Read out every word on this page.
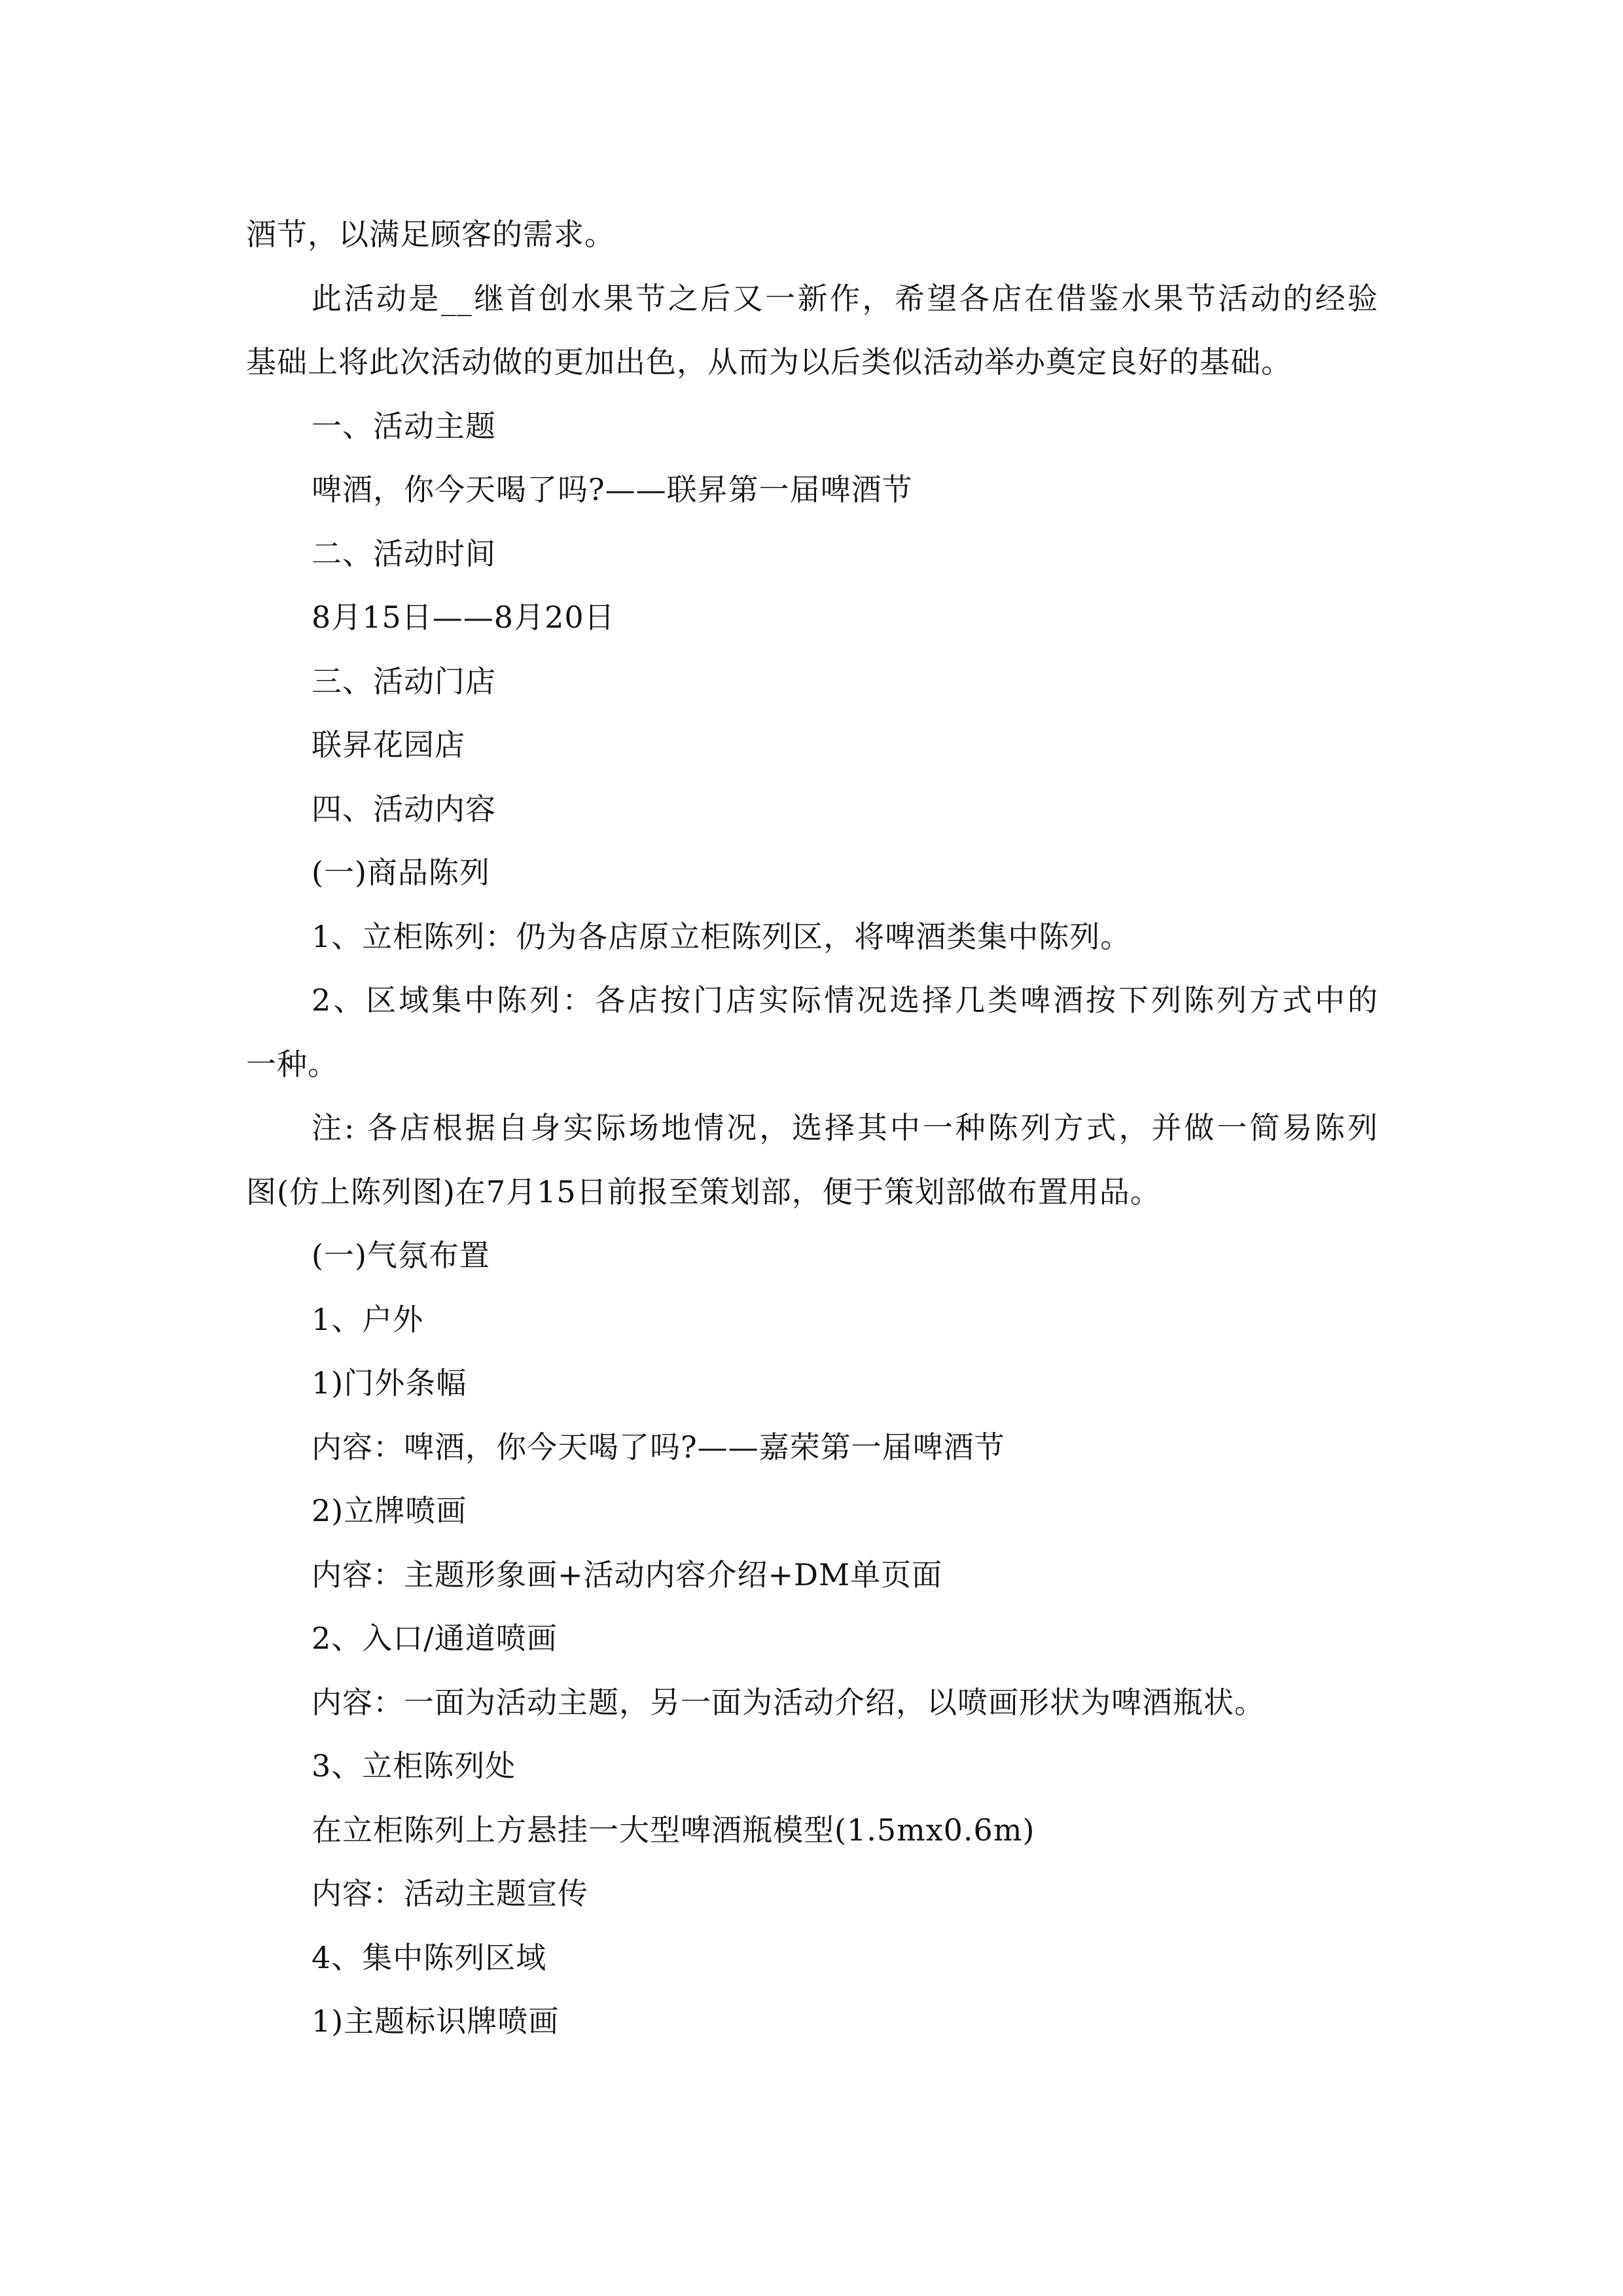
酒节，以满足顾客的需求。
此活动是__继首创水果节之后又一新作，希望各店在借鉴水果节活动的经验
基础上将此次活动做的更加出色，从而为以后类似活动举办奠定良好的基础。
一、活动主题
啤酒，你今天喝了吗?——联昇第一届啤酒节
二、活动时间
8月15日——8月20日
三、活动门店
联昇花园店
四、活动内容
(一)商品陈列
1、立柜陈列：仍为各店原立柜陈列区，将啤酒类集中陈列。
2、区域集中陈列：各店按门店实际情况选择几类啤酒按下列陈列方式中的
一种。
注: 各店根据自身实际场地情况，选择其中一种陈列方式，并做一简易陈列
图(仿上陈列图)在7月15日前报至策划部，便于策划部做布置用品。
(一)气氛布置
1、户外
1)门外条幅
内容：啤酒，你今天喝了吗?——嘉荣第一届啤酒节
2)立牌喷画
内容：主题形象画+活动内容介绍+DM单页面
2、入口/通道喷画
内容：一面为活动主题，另一面为活动介绍，以喷画形状为啤酒瓶状。
3、立柜陈列处
在立柜陈列上方悬挂一大型啤酒瓶模型(1.5mx0.6m)
内容：活动主题宣传
4、集中陈列区域
1)主题标识牌喷画
